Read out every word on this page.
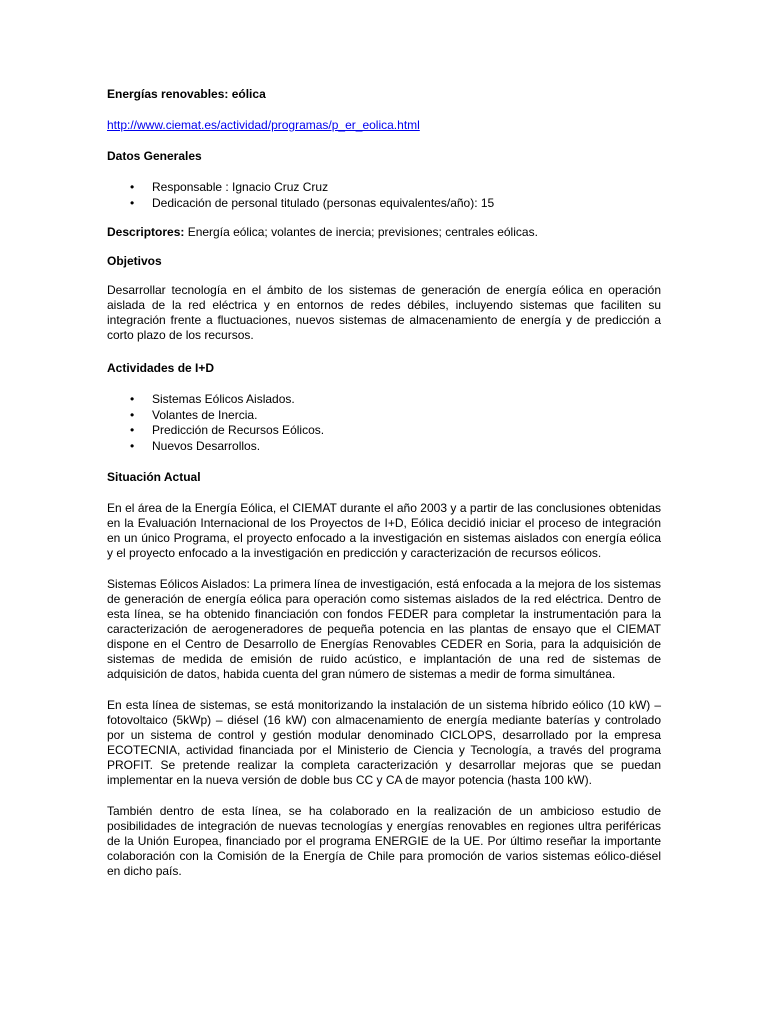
Energías renovables: eólica
http://www.ciemat.es/actividad/programas/p_er_eolica.html
Datos Generales
• Responsable : Ignacio Cruz Cruz
• Dedicación de personal titulado (personas equivalentes/año): 15

Descriptores: Energía eólica; volantes de inercia; previsiones; centrales eólicas.

Objetivos

Desarrollar tecnología en el ámbito de los sistemas de generación de energía eólica en operación aislada de la red eléctrica y en entornos de redes débiles, incluyendo sistemas que faciliten su integración frente a fluctuaciones, nuevos sistemas de almacenamiento de energía y de predicción a corto plazo de los recursos.

Actividades de I+D
• Sistemas Eólicos Aislados.
• Volantes de Inercia.
• Predicción de Recursos Eólicos.
• Nuevos Desarrollos.
Situación Actual

En el área de la Energía Eólica, el CIEMAT durante el año 2003 y a partir de las conclusiones obtenidas en la Evaluación Internacional de los Proyectos de I+D, Eólica decidió iniciar el proceso de integración en un único Programa, el proyecto enfocado a la investigación en sistemas aislados con energía eólica y el proyecto enfocado a la investigación en predicción y caracterización de recursos eólicos.

Sistemas Eólicos Aislados: La primera línea de investigación, está enfocada a la mejora de los sistemas de generación de energía eólica para operación como sistemas aislados de la red eléctrica. Dentro de esta línea, se ha obtenido financiación con fondos FEDER para completar la instrumentación para la caracterización de aerogeneradores de pequeña potencia en las plantas de ensayo que el CIEMAT dispone en el Centro de Desarrollo de Energías Renovables CEDER en Soria, para la adquisición de sistemas de medida de emisión de ruido acústico, e implantación de una red de sistemas de adquisición de datos, habida cuenta del gran número de sistemas a medir de forma simultánea.

En esta línea de sistemas, se está monitorizando la instalación de un sistema híbrido eólico (10 kW) –fotovoltaico (5kWp) – diésel (16 kW) con almacenamiento de energía mediante baterías y controlado por un sistema de control y gestión modular denominado CICLOPS, desarrollado por la empresa ECOTECNIA, actividad financiada por el Ministerio de Ciencia y Tecnología, a través del programa PROFIT. Se pretende realizar la completa caracterización y desarrollar mejoras que se puedan implementar en la nueva versión de doble bus CC y CA de mayor potencia (hasta 100 kW).

También dentro de esta línea, se ha colaborado en la realización de un ambicioso estudio de posibilidades de integración de nuevas tecnologías y energías renovables en regiones ultra periféricas de la Unión Europea, financiado por el programa ENERGIE de la UE. Por último reseñar la importante colaboración con la Comisión de la Energía de Chile para promoción de varios sistemas eólico-diésel en dicho país.
